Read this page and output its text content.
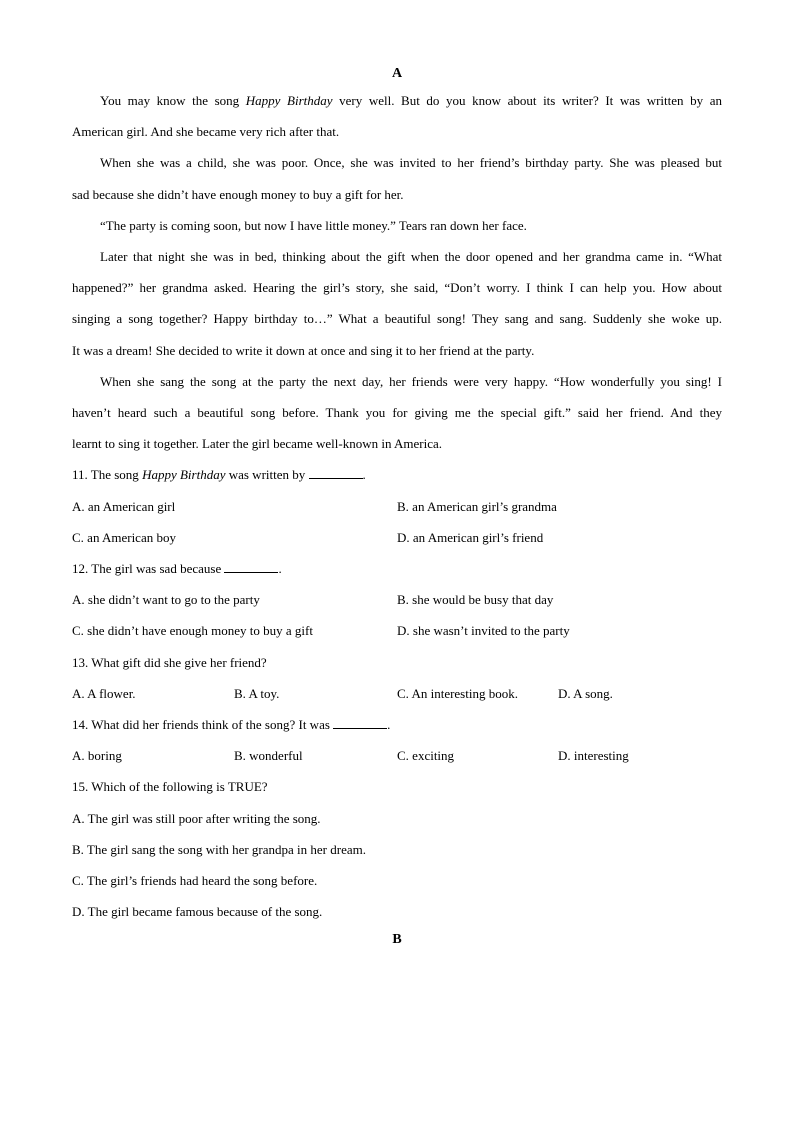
A
You may know the song Happy Birthday very well. But do you know about its writer? It was written by an
American girl. And she became very rich after that.
When she was a child, she was poor. Once, she was invited to her friend’s birthday party. She was pleased but
sad because she didn’t have enough money to buy a gift for her.
“The party is coming soon, but now I have little money.” Tears ran down her face.
Later that night she was in bed, thinking about the gift when the door opened and her grandma came in. “What
happened?” her grandma asked. Hearing the girl’s story, she said, “Don’t worry. I think I can help you. How about
singing a song together? Happy birthday to…” What a beautiful song! They sang and sang. Suddenly she woke up.
It was a dream! She decided to write it down at once and sing it to her friend at the party.
When she sang the song at the party the next day, her friends were very happy. “How wonderfully you sing! I
haven’t heard such a beautiful song before. Thank you for giving me the special gift.” said her friend. And they
learnt to sing it together. Later the girl became well-known in America.
11. The song Happy Birthday was written by	.
A. an American girl	B. an American girl’s grandma
C. an American boy	D. an American girl’s friend
12. The girl was sad because	.
A. she didn’t want to go to the party	B. she would be busy that day
C. she didn’t have enough money to buy a gift	D. she wasn’t invited to the party
13. What gift did she give her friend?
A. A flower.	B. A toy.	C. An interesting book.	D. A song.
14. What did her friends think of the song? It was	.
A. boring	B. wonderful	C. exciting	D. interesting
15. Which of the following is TRUE?
A. The girl was still poor after writing the song.
B. The girl sang the song with her grandpa in her dream.
C. The girl’s friends had heard the song before.
D. The girl became famous because of the song.
B
